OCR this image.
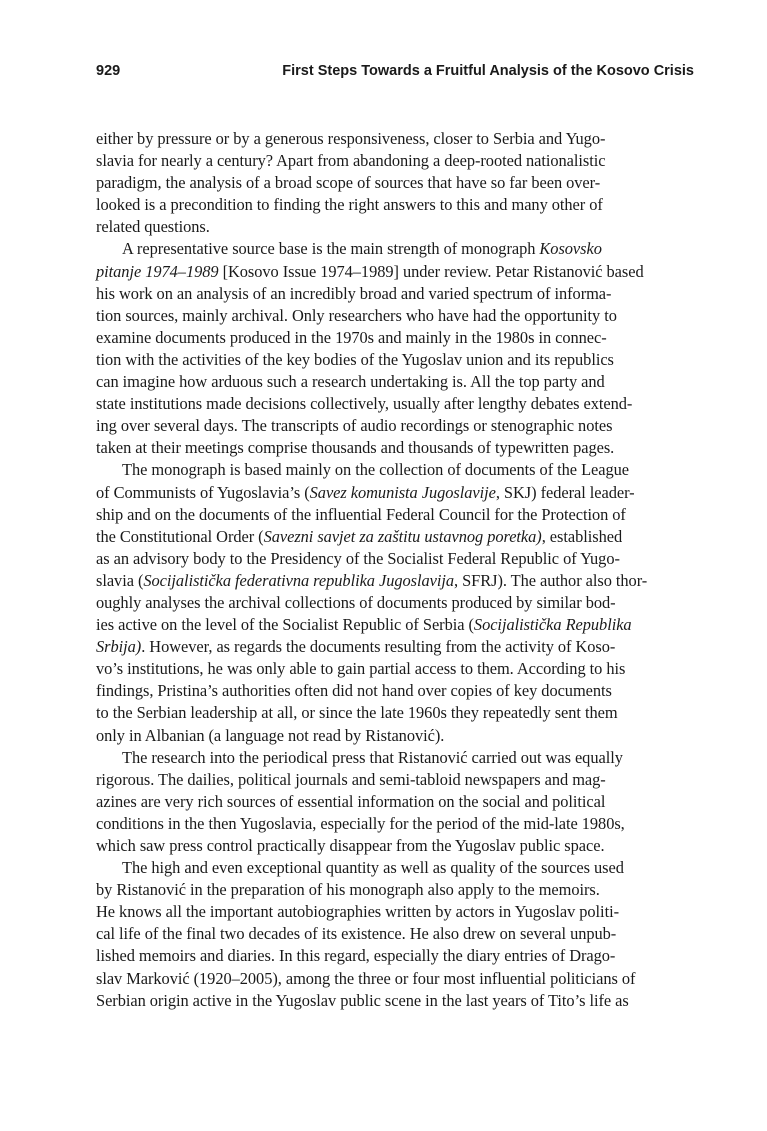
929	First Steps Towards a Fruitful Analysis of the Kosovo Crisis
either by pressure or by a generous responsiveness, closer to Serbia and Yugo-
slavia for nearly a century? Apart from abandoning a deep-rooted nationalistic
paradigm, the analysis of a broad scope of sources that have so far been over-
looked is a precondition to finding the right answers to this and many other of
related questions.
A representative source base is the main strength of monograph Kosovsko
pitanje 1974–1989 [Kosovo Issue 1974–1989] under review. Petar Ristanović based
his work on an analysis of an incredibly broad and varied spectrum of informa-
tion sources, mainly archival. Only researchers who have had the opportunity to
examine documents produced in the 1970s and mainly in the 1980s in connec-
tion with the activities of the key bodies of the Yugoslav union and its republics
can imagine how arduous such a research undertaking is. All the top party and
state institutions made decisions collectively, usually after lengthy debates extend-
ing over several days. The transcripts of audio recordings or stenographic notes
taken at their meetings comprise thousands and thousands of typewritten pages.
The monograph is based mainly on the collection of documents of the League
of Communists of Yugoslavia’s (Savez komunista Jugoslavije, SKJ) federal leader-
ship and on the documents of the influential Federal Council for the Protection of
the Constitutional Order (Savezni savjet za zaštitu ustavnog poretka), established
as an advisory body to the Presidency of the Socialist Federal Republic of Yugo-
slavia (Socijalistička federativna republika Jugoslavija, SFRJ). The author also thor-
oughly analyses the archival collections of documents produced by similar bod-
ies active on the level of the Socialist Republic of Serbia (Socijalistička Republika
Srbija). However, as regards the documents resulting from the activity of Koso-
vo’s institutions, he was only able to gain partial access to them. According to his
findings, Pristina’s authorities often did not hand over copies of key documents
to the Serbian leadership at all, or since the late 1960s they repeatedly sent them
only in Albanian (a language not read by Ristanović).
The research into the periodical press that Ristanović carried out was equally
rigorous. The dailies, political journals and semi-tabloid newspapers and mag-
azines are very rich sources of essential information on the social and political
conditions in the then Yugoslavia, especially for the period of the mid-late 1980s,
which saw press control practically disappear from the Yugoslav public space.
The high and even exceptional quantity as well as quality of the sources used
by Ristanović in the preparation of his monograph also apply to the memoirs.
He knows all the important autobiographies written by actors in Yugoslav politi-
cal life of the final two decades of its existence. He also drew on several unpub-
lished memoirs and diaries. In this regard, especially the diary entries of Drago-
slav Marković (1920–2005), among the three or four most influential politicians of
Serbian origin active in the Yugoslav public scene in the last years of Tito’s life as
